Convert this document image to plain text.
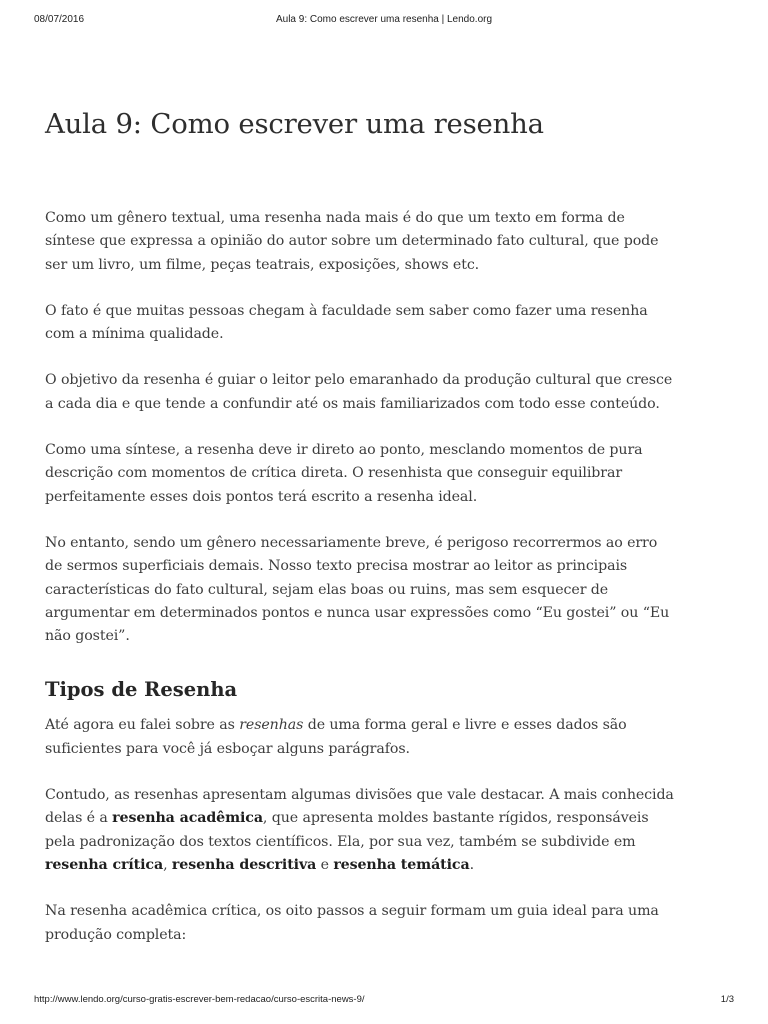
08/07/2016	Aula 9: Como escrever uma resenha | Lendo.org
Aula 9: Como escrever uma resenha

Como um gênero textual, uma resenha nada mais é do que um texto em forma de síntese que expressa a opinião do autor sobre um determinado fato cultural, que pode ser um livro, um filme, peças teatrais, exposições, shows etc.

O fato é que muitas pessoas chegam à faculdade sem saber como fazer uma resenha com a mínima qualidade.

O objetivo da resenha é guiar o leitor pelo emaranhado da produção cultural que cresce a cada dia e que tende a confundir até os mais familiarizados com todo esse conteúdo.

Como uma síntese, a resenha deve ir direto ao ponto, mesclando momentos de pura descrição com momentos de crítica direta. O resenhista que conseguir equilibrar perfeitamente esses dois pontos terá escrito a resenha ideal.

No entanto, sendo um gênero necessariamente breve, é perigoso recorrermos ao erro de sermos superficiais demais. Nosso texto precisa mostrar ao leitor as principais características do fato cultural, sejam elas boas ou ruins, mas sem esquecer de argumentar em determinados pontos e nunca usar expressões como “Eu gostei” ou “Eu não gostei”.

Tipos de Resenha

Até agora eu falei sobre as resenhas de uma forma geral e livre e esses dados são suficientes para você já esboçar alguns parágrafos.

Contudo, as resenhas apresentam algumas divisões que vale destacar. A mais conhecida delas é a resenha acadêmica, que apresenta moldes bastante rígidos, responsáveis pela padronização dos textos científicos. Ela, por sua vez, também se subdivide em resenha crítica, resenha descritiva e resenha temática.

Na resenha acadêmica crítica, os oito passos a seguir formam um guia ideal para uma produção completa:

http://www.lendo.org/curso-gratis-escrever-bem-redacao/curso-escrita-news-9/	1/3
